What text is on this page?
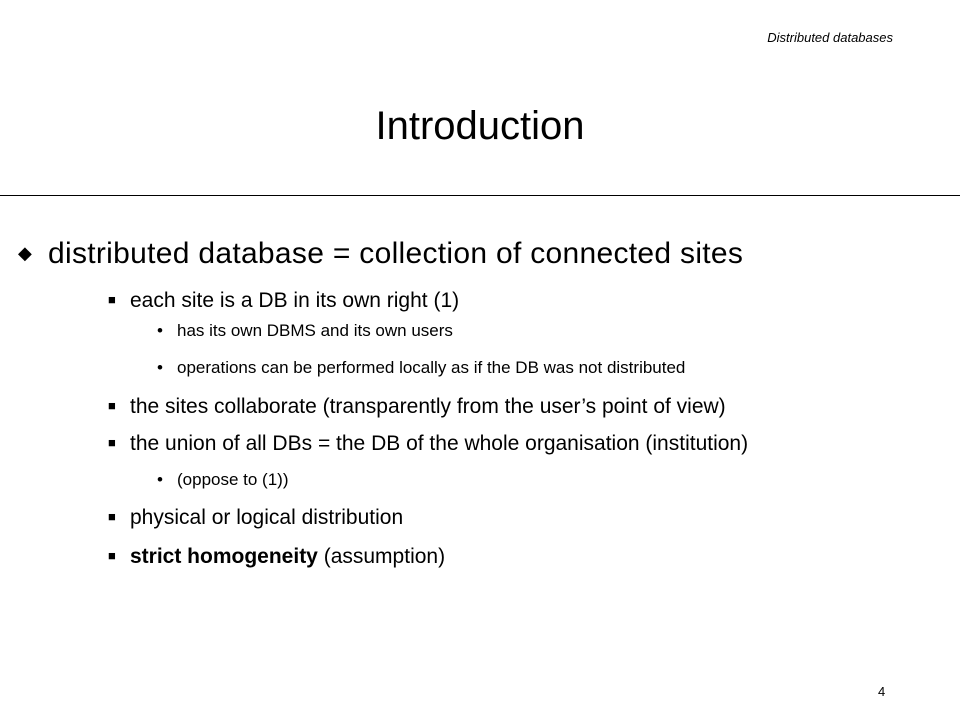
Distributed databases
Introduction
◆ distributed database = collection of connected sites
■ each site is a DB in its own right (1)
• has its own DBMS and its own users
• operations can be performed locally as if the DB was not distributed
■ the sites collaborate (transparently from the user’s point of view)
■ the union of all DBs = the DB of the whole organisation (institution)
• (oppose to (1))
■ physical or logical distribution
■ strict homogeneity (assumption)
4
